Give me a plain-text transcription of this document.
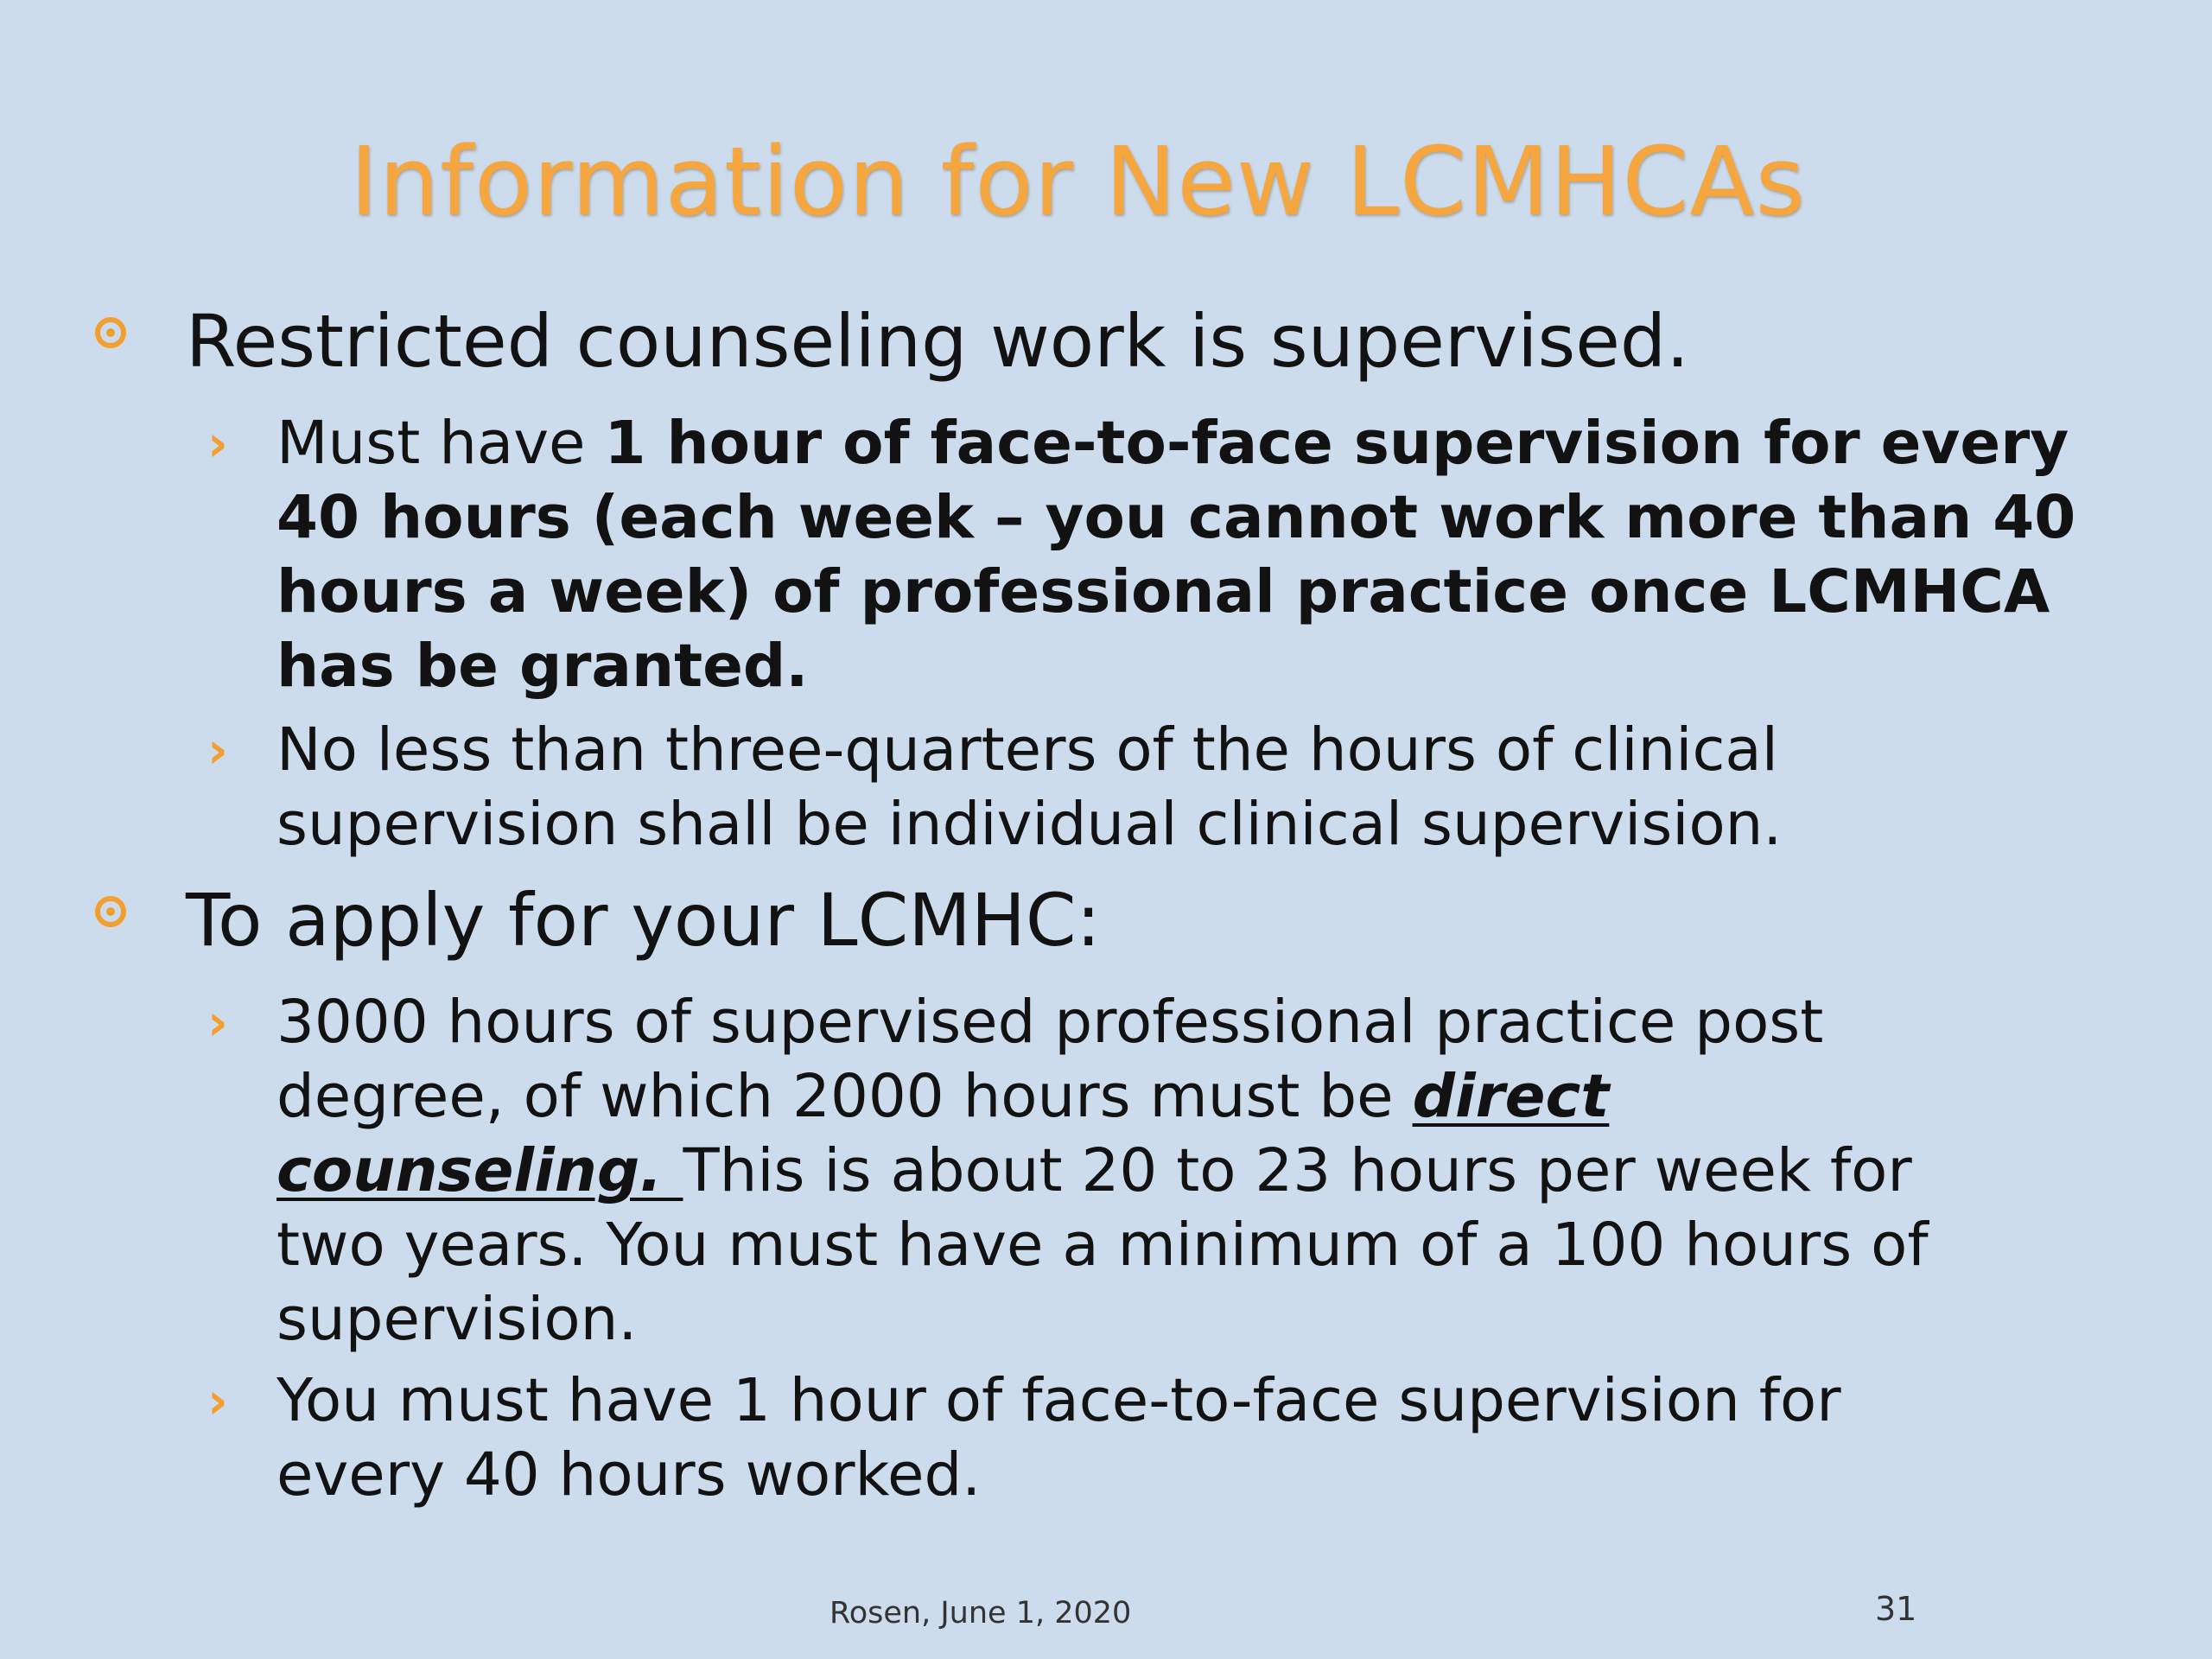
Information for New LCMHCAs
Restricted counseling work is supervised.
› Must have 1 hour of face-to-face supervision for every
40 hours (each week – you cannot work more than 40
hours a week) of professional practice once LCMHCA
has be granted.
› No less than three-quarters of the hours of clinical
supervision shall be individual clinical supervision.
To apply for your LCMHC:
› 3000 hours of supervised professional practice post
degree, of which 2000 hours must be direct
counseling. This is about 20 to 23 hours per week for
two years. You must have a minimum of a 100 hours of
supervision.
› You must have 1 hour of face-to-face supervision for
every 40 hours worked.
Rosen, June 1, 2020	31
